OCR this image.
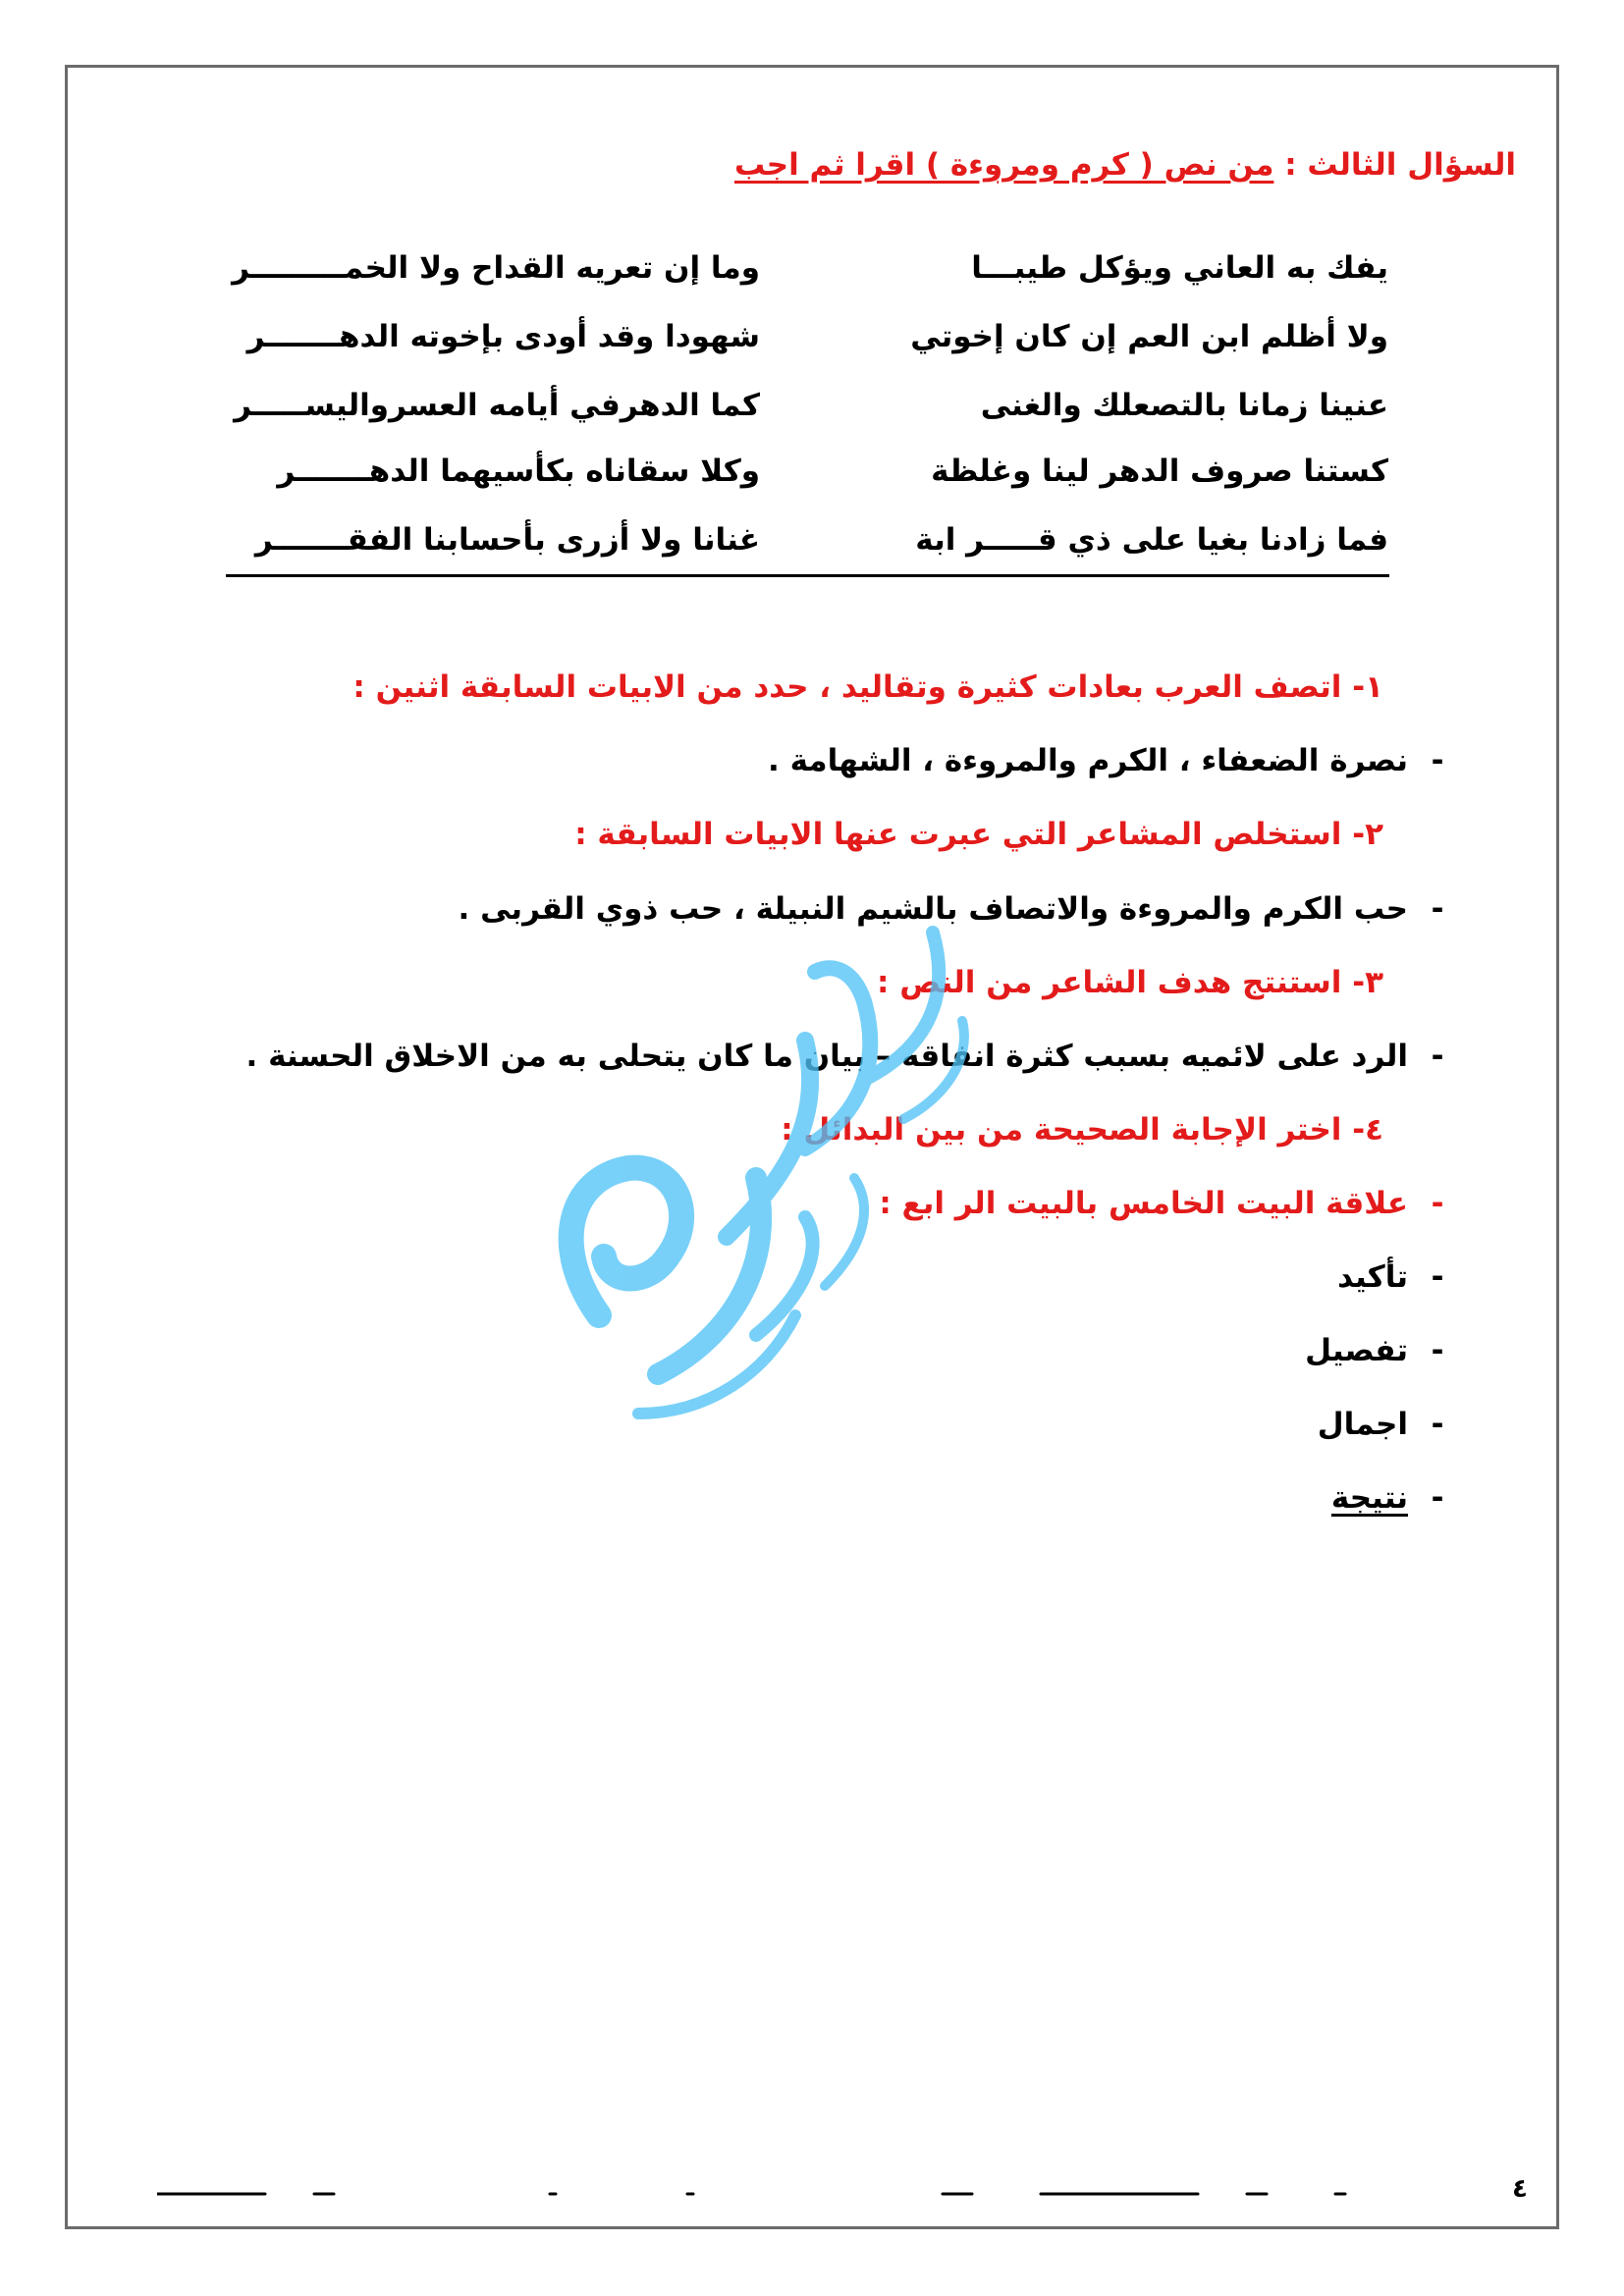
السؤال الثالث : من نص ( كرم ومروءة ) اقرا ثم اجب
يفك به العاني ويؤكل طيبـــا
وما إن تعريه القداح ولا الخمـــــــــر
ولا أظلم ابن العم إن كان إخوتي
شهودا وقد أودى بإخوته الدهـــــــر
عنينا زمانا بالتصعلك والغنى
كما الدهرفي أيامه العسروالیســـــر
كستنا صروف الدهر لينا وغلظة
وكلا سقاناه بكأسيهما الدهـــــــر
فما زادنا بغيا على ذي قـــــر ابة
غنانا ولا أزرى بأحسابنا الفقـــــــر
١- اتصف العرب بعادات كثيرة وتقاليد ، حدد من الابيات السابقة اثنين :
-نصرة الضعفاء ، الكرم والمروءة ، الشهامة .
٢- استخلص المشاعر التي عبرت عنها الابيات السابقة :
-حب الكرم والمروءة والاتصاف بالشيم النبيلة ، حب ذوي القربى .
٣- استنتج هدف الشاعر من النص :
-الرد على لائميه بسبب كثرة انفاقه – بيان ما كان يتحلى به من الاخلاق الحسنة .
٤- اختر الإجابة الصحيحة من بين البدائل :
-علاقة البيت الخامس بالبيت الر ابع :
-تأكيد
-تفصيل
-اجمال
-نتيجة
٤
